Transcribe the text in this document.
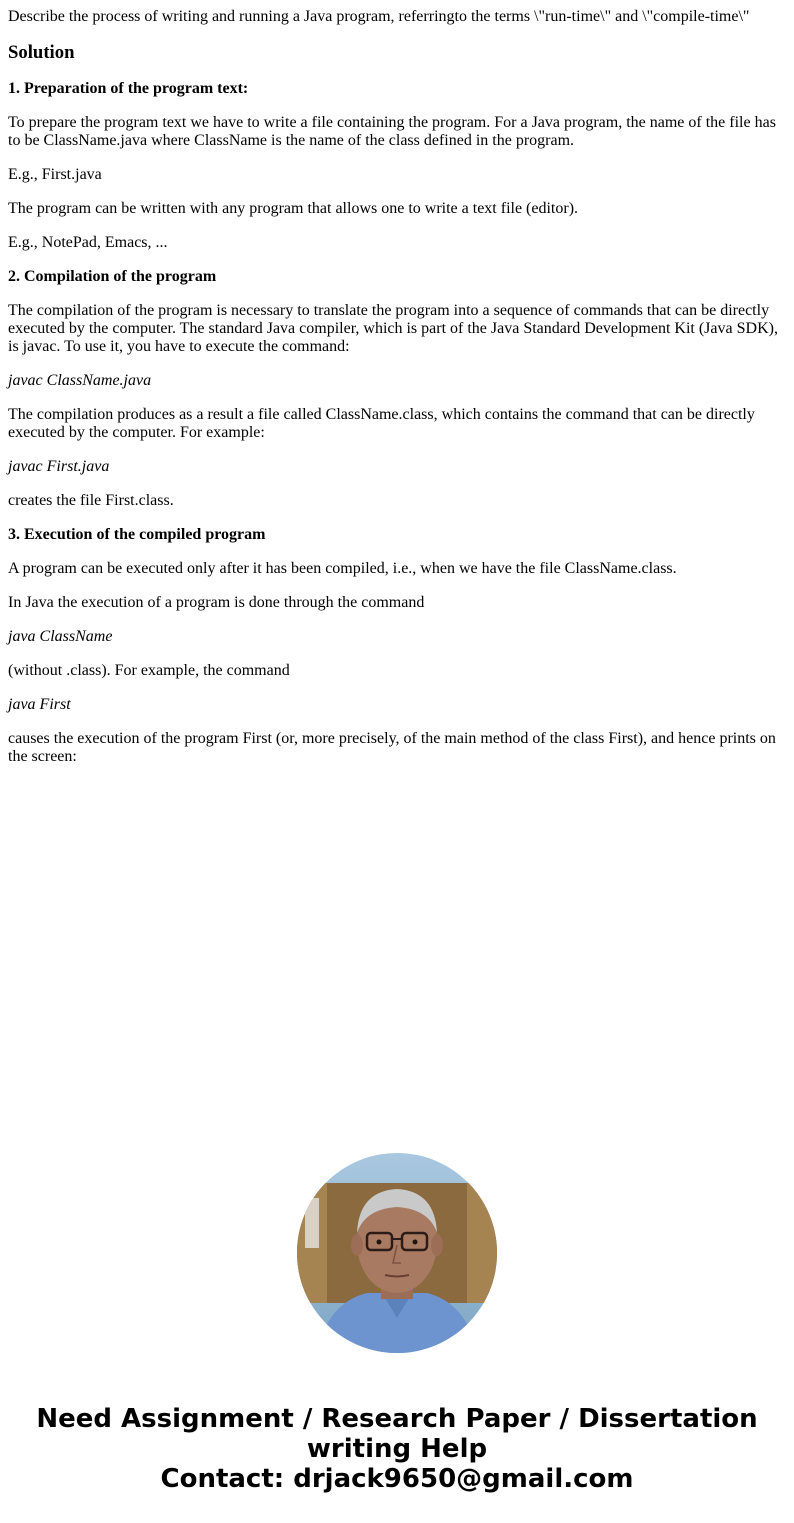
Describe the process of writing and running a Java program, referringto the terms \"run-time\" and \"compile-time\"
Solution

1. Preparation of the program text:

To prepare the program text we have to write a file containing the program. For a Java program, the name of the file has to be ClassName.java where ClassName is the name of the class defined in the program.

E.g., First.java

The program can be written with any program that allows one to write a text file (editor).

E.g., NotePad, Emacs, ...

2. Compilation of the program

The compilation of the program is necessary to translate the program into a sequence of commands that can be directly executed by the computer. The standard Java compiler, which is part of the Java Standard Development Kit (Java SDK), is javac. To use it, you have to execute the command:

javac ClassName.java

The compilation produces as a result a file called ClassName.class, which contains the command that can be directly executed by the computer. For example:

javac First.java

creates the file First.class.

3. Execution of the compiled program

A program can be executed only after it has been compiled, i.e., when we have the file ClassName.class.

In Java the execution of a program is done through the command

java ClassName

(without .class). For example, the command

java First

causes the execution of the program First (or, more precisely, of the main method of the class First), and hence prints on the screen:

Need Assignment / Research Paper / Dissertation
writing Help
Contact: drjack9650@gmail.com
